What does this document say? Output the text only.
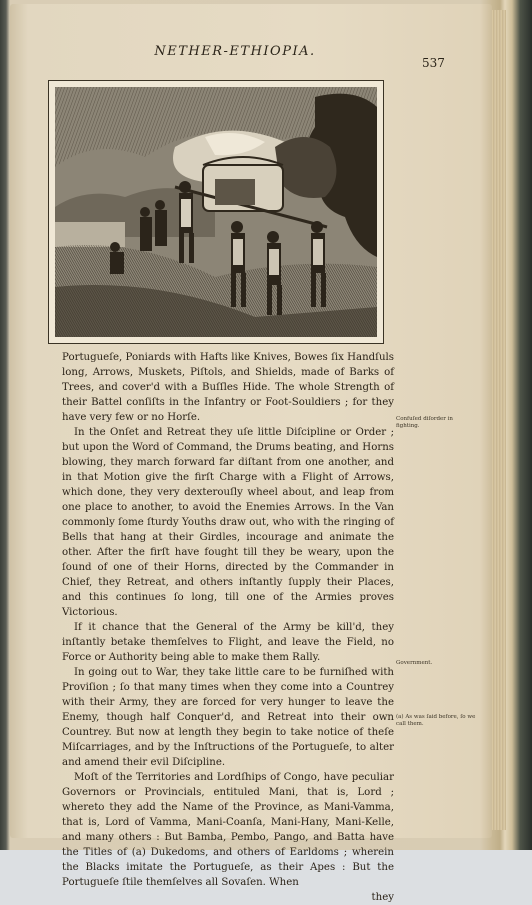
NETHER-ETHIOPIA.
537

Portugueſe, Poniards with Hafts like Knives, Bowes ſix Handſuls long, Arrows, Muskets, Piſtols, and Shields, made of Barks of Trees, and cover'd with a Buſſles Hide. The whole Strength of their Battel conſiſts in the Infantry or Foot-Souldiers ; for they have very few or no Horſe.

In the Onſet and Retreat they uſe little Diſcipline or Order ; but upon the Word of Command, the Drums beating, and Horns blowing, they march forward far diſtant from one another, and in that Motion give the firſt Charge with a Flight of Arrows, which done, they very dexterouſly wheel about, and leap from one place to another, to avoid the Enemies Arrows. In the Van commonly ſome ſturdy Youths draw out, who with the ringing of Bells that hang at their Girdles, incourage and animate the other. After the firſt have fought till they be weary, upon the ſound of one of their Horns, directed by the Commander in Chief, they Retreat, and others inſtantly ſupply their Places, and this continues ſo long, till one of the Armies proves Victorious.

If it chance that the General of the Army be kill'd, they inſtantly betake themſelves to Flight, and leave the Field, no Force or Authority being able to make them Rally.

In going out to War, they take little care to be furniſhed with Proviſion ; ſo that many times when they come into a Countrey with their Army, they are forced for very hunger to leave the Enemy, though half Conquer'd, and Retreat into their own Countrey. But now at length they begin to take notice of theſe Miſcarriages, and by the Inſtructions of the Portugueſe, to alter and amend their evil Diſcipline.

Moſt of the Territories and Lordſhips of Congo, have peculiar Governors or Provincials, entituled Mani, that is, Lord ; whereto they add the Name of the Province, as Mani-Vamma, that is, Lord of Vamma, Mani-Coanſa, Mani-Hany, Mani-Kelle, and many others : But Bamba, Pembo, Pango, and Batta have the Titles of (a) Dukedoms, and others of Earldoms ; wherein the Blacks imitate the Portugueſe, as their Apes : But the Portugueſe ſtile themſelves all Sovaſen. When

they

Confuſed diſorder in fighting.
Government.
(a) As was ſaid before, ſo we call them.
